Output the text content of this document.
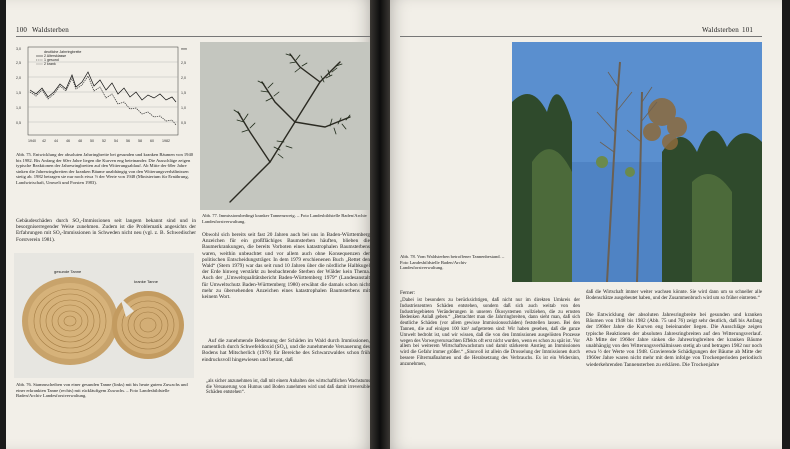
100 Waldsterben
3,0
2,5
2,0
1,5
1,0
0,5
mm
2,5
2,0
1,5
1,0
0,5
1940 42 44 46 48 50 52 54 56 58 60 1982
deutliche Jahrringbreite
2 Altersklasse
1 gesund
2 krank
Abb. 75. Entwicklung der absoluten Jahrringbreite bei gesunden und kranken Bäumen von 1940 bis 1982. Bis Anfang der 60er Jahre liegen die Kurven eng beieinander. Die Ausschläge zeigen typische Reaktionen der Jahresringbreiten auf den Witterungsablauf. Ab Mitte der 60er Jahre sinken die Jahresringbreiten der kranken Bäume unabhängig von den Witterungsverhältnissen stetig ab. 1982 betragen sie nur noch etwa ½ der Werte von 1948 (Ministerium für Ernährung, Landwirtschaft, Umwelt und Forsten 1983).
Abb. 77. Immissionsbedingt kranker Tannenzweig. – Foto Landesbildstelle Baden/Archiv Landesforstverwaltung.
Gebäudeschäden durch SO₂-Immissionen seit langem bekannt sind und in besorgniserregender Weise zunehmen. Zudem ist die Problematik angesichts der Erfahrungen mit SO₂-Immissionen in Schweden nicht neu (vgl. z. B. Schwedischer Forstverein 1981).
gesunde Tanne
kranke Tanne
Abb. 76. Stammscheiben von einer gesunden Tanne (links) mit bis heute gutem Zuwachs und einer erkrankten Tanne (rechts) mit rückläufigem Zuwachs. – Foto Landesbildstelle Baden/Archiv Landesforstverwaltung.
Obwohl sich bereits seit fast 20 Jahren auch bei uns in Baden-Württemberg Anzeichen für ein großflächiges Baumsterben häuften, blieben die Baumerkrankungen, die bereits Vorboten eines katastrophalen Baumsterbens waren, weithin unbeachtet und vor allem auch ohne Konsequenzen der politischen Entscheidungsträger. In dem 1979 erschienenen Buch „Rettet den Wald“ (Stern 1979) war das seit rund 10 Jahren über die nördliche Halbkugel der Erde hinweg verstärkt zu beobachtende Sterben der Wälder kein Thema. Auch der „Umweltqualitätsbericht Baden-Württemberg 1979“ (Landesanstalt für Umweltschutz Baden-Württemberg 1980) erwähnt die damals schon nicht mehr zu übersehenden Anzeichen eines katastrophalen Baumsterbens mit keinem Wort.
Auf die zunehmende Bedeutung der Schäden im Wald durch Immissionen, namentlich durch Schwefeldioxid (SO₂), und die zunehmende Versauerung des Bodens hat Mitscherlich (1976) für Bereiche des Schwarzwaldes schon früh eindrucksvoll hingewiesen und betont, daß
„als sicher anzunehmen ist, daß mit einem Anhalten des wirtschaftlichen Wachstums die Versauerung von Humus und Boden zunehmen wird und daß damit irreversible Schäden entstehen“.
Waldsterben 101
Abb. 78. Vom Waldsterben betroffener Tannenbestand. – Foto Landesbildstelle Baden/Archiv Landesforstverwaltung.
Ferner:
„Dabei ist besonders zu berücksichtigen, daß nicht nur im direkten Umkreis der Industriezentren Schäden entstehen, sondern daß sich auch weitab von den Industriegebieten Veränderungen in unseren Ökosystemen vollziehen, die zu ernsten Bedenken Anlaß geben.“ „Betrachtet man die Jahrringbreiten, dann sieht man, daß sich deutliche Schäden (vor allem gewisse Immissionsschäden) feststellen lassen. Bei den Tannen, die auf einigen 100 km² aufgetreten sind: Wir haben gesehen, daß die ganze Umwelt bedroht ist, und wir wissen, daß die von den Immissionen ausgelösten Prozesse wegen des Vorwegverursachten Effekts oft erst nicht wurden, wenn es schon zu spät ist. Vor allem bei weiterem Wirtschaftswachstum und damit stärkerem Anstieg an Immissionen wird die Gefahr immer größer.“ „Sinnvoll ist allein die Drosselung der Immissionen durch bessere Filtermaßnahmen und die Herabsetzung des Verbrauchs. Es ist ein Widersinn, anzunehmen,
daß die Wirtschaft immer weiter wachsen könnte. Sie wird dann um so schneller alle Bodenschätze ausgebeutet haben, und der Zusammenbruch wird um so früher eintreten.“
Die Entwicklung der absoluten Jahresringbreite bei gesunden und kranken Bäumen von 1948 bis 1982 (Abb. 75 und 76) zeigt sehr deutlich, daß bis Anfang der 1960er Jahre die Kurven eng beieinander liegen. Die Ausschläge zeigen typische Reaktionen der absoluten Jahresringbreiten auf den Witterungsverlauf. Ab Mitte der 1960er Jahre sinken die Jahresringbreiten der kranken Bäume unabhängig von den Witterungsverhältnissen stetig ab und betragen 1982 nur noch etwa ½ der Werte von 1948. Gravierende Schädigungen der Bäume ab Mitte der 1960er Jahre waren nicht mehr mit dem infolge von Trockenperioden periodisch wiederkehrenden Tannensterben zu erklären. Die Trockenjahre
